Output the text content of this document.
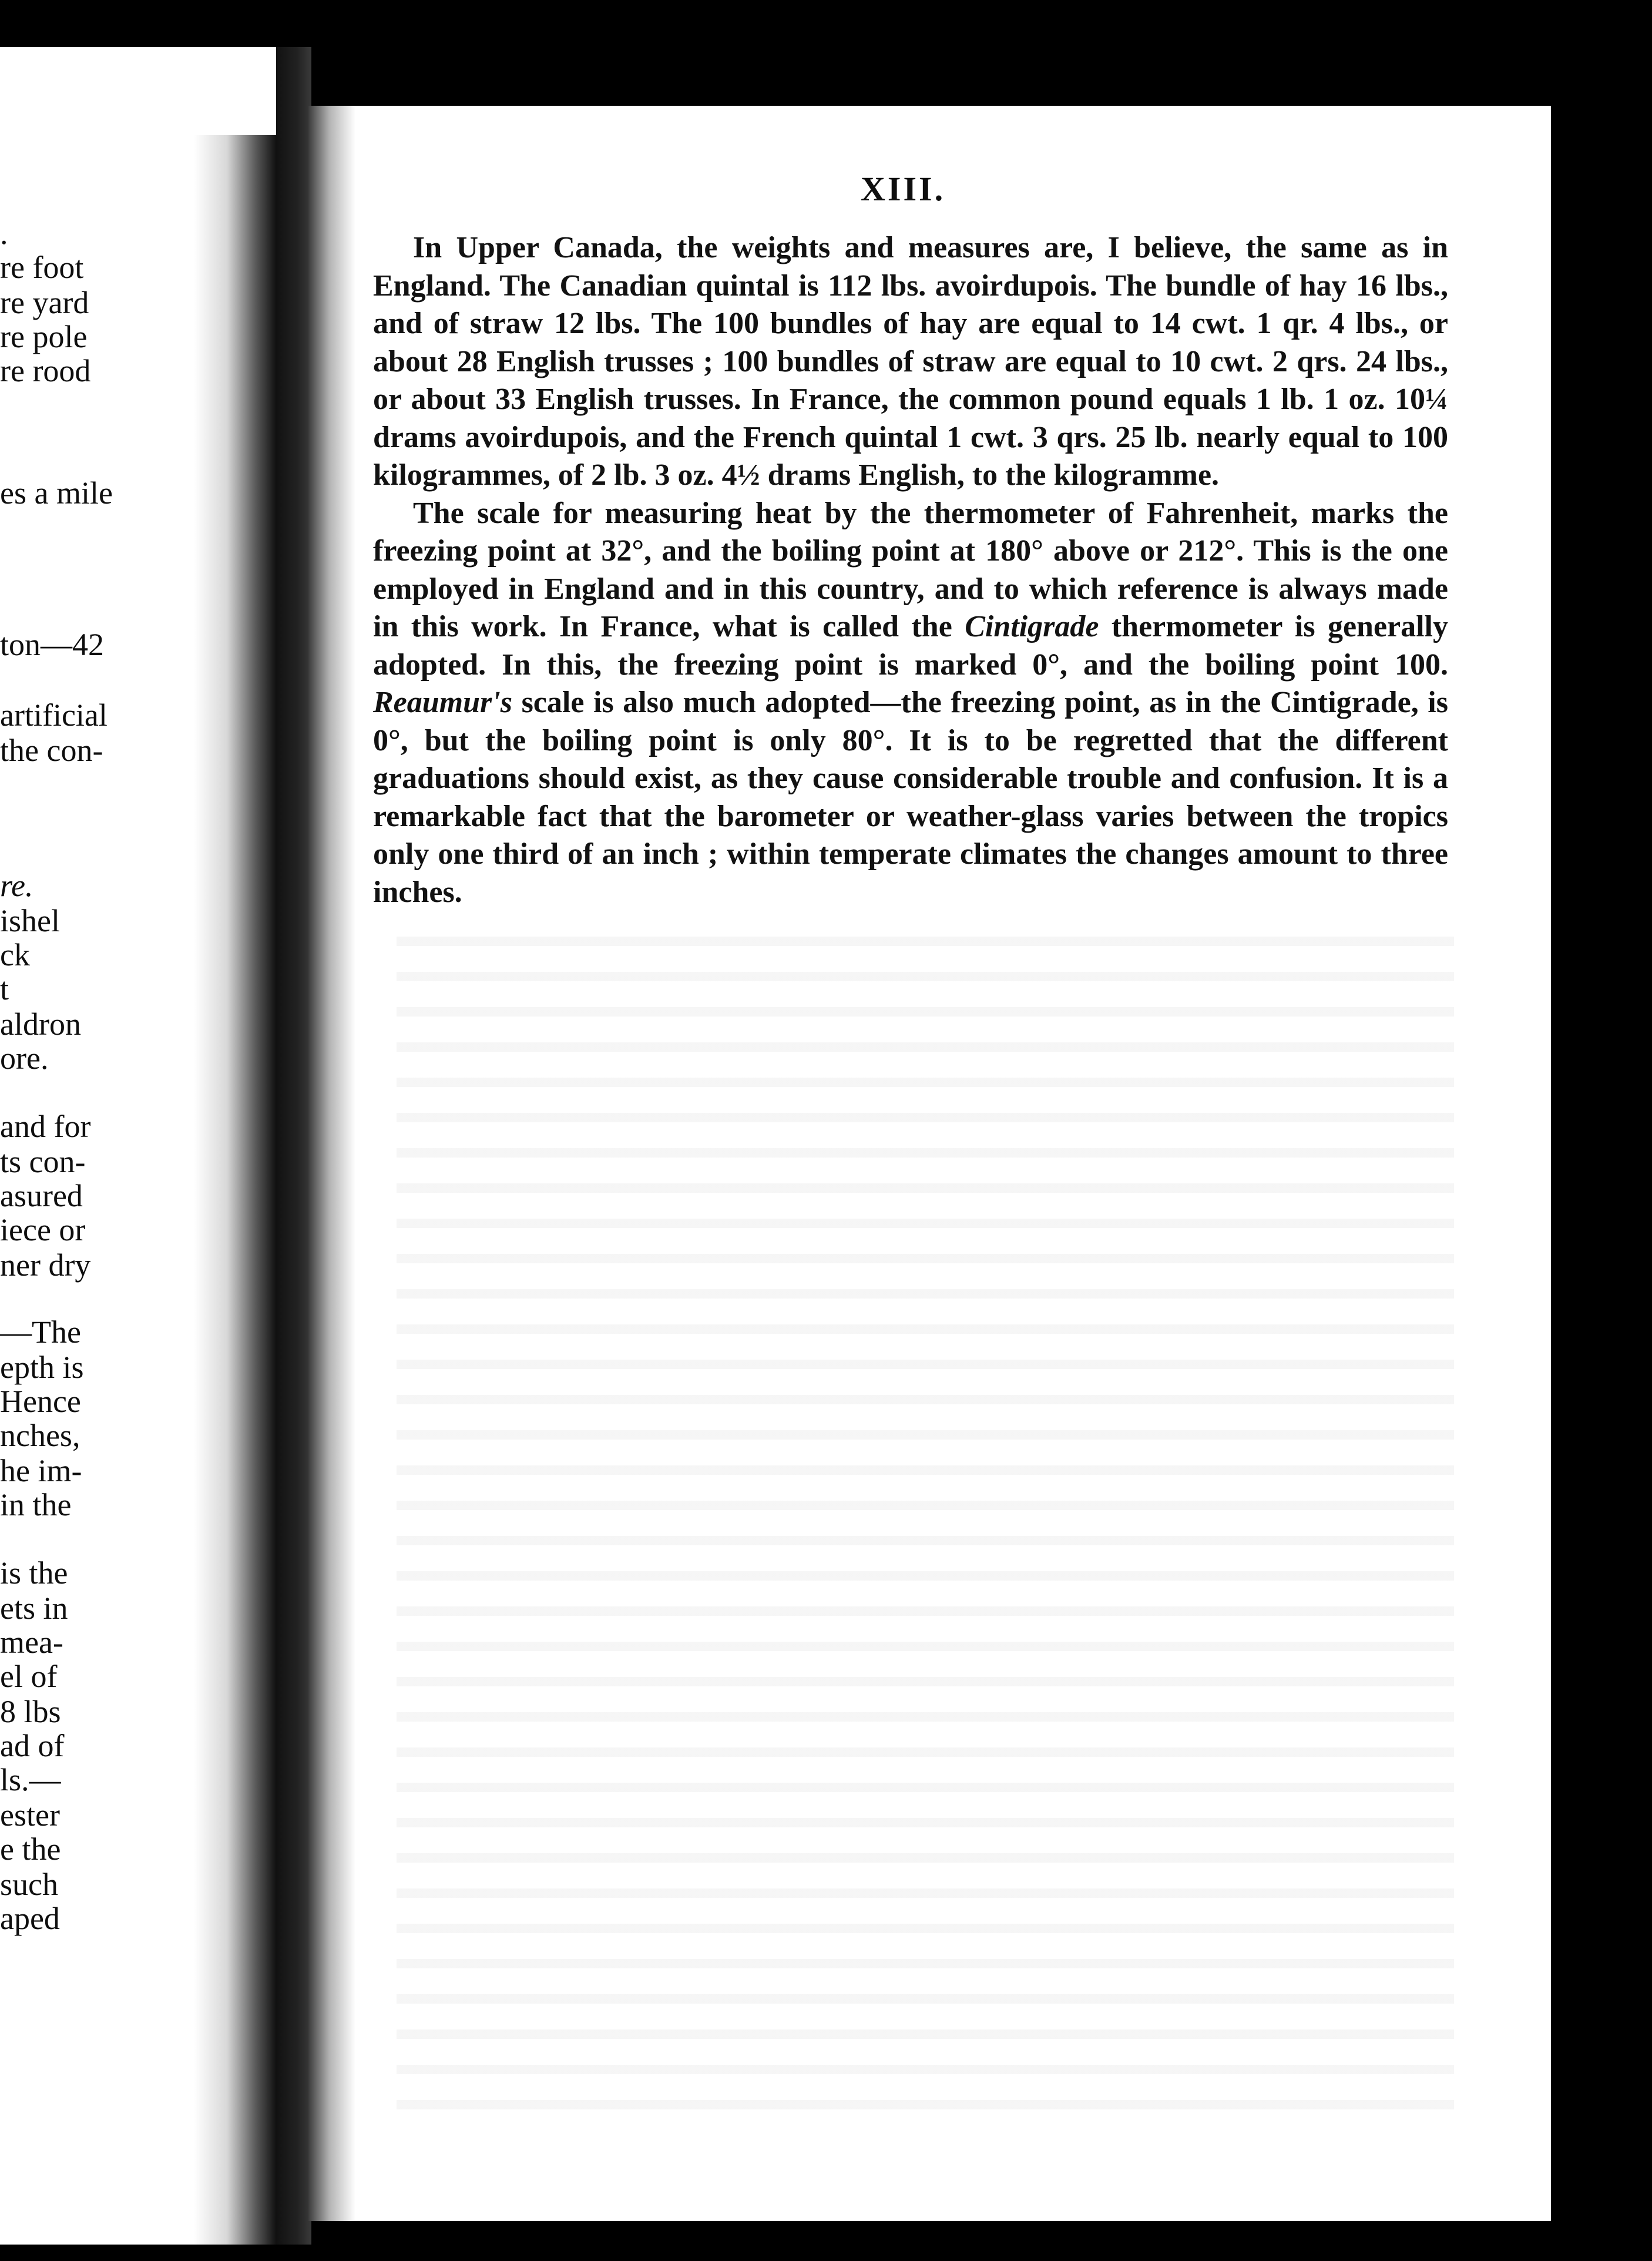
.
re foot
re yard
re pole
re rood
es a mile
ton—42
artificial
the con-
re.
ishel
ck
t
aldron
ore.
and for
ts con-
asured
iece or
ner dry
—The
epth is
Hence
nches,
he im-
in the
is the
ets in
mea-
el of
8 lbs
ad of
ls.—
ester
e the
such
aped
XIII.

In Upper Canada, the weights and measures are, I believe, the same as in England. The Canadian quintal is 112 lbs. avoirdupois. The bundle of hay 16 lbs., and of straw 12 lbs. The 100 bundles of hay are equal to 14 cwt. 1 qr. 4 lbs., or about 28 English trusses ; 100 bundles of straw are equal to 10 cwt. 2 qrs. 24 lbs., or about 33 English trusses. In France, the common pound equals 1 lb. 1 oz. 10¼ drams avoirdupois, and the French quintal 1 cwt. 3 qrs. 25 lb. nearly equal to 100 kilogrammes, of 2 lb. 3 oz. 4½ drams English, to the kilogramme.

The scale for measuring heat by the thermometer of Fahrenheit, marks the freezing point at 32°, and the boiling point at 180° above or 212°. This is the one employed in England and in this country, and to which reference is always made in this work. In France, what is called the Cintigrade thermometer is generally adopted. In this, the freezing point is marked 0°, and the boiling point 100. Reaumur's scale is also much adopted—the freezing point, as in the Cintigrade, is 0°, but the boiling point is only 80°. It is to be regretted that the different graduations should exist, as they cause considerable trouble and confusion. It is a remarkable fact that the barometer or weather-glass varies between the tropics only one third of an inch ; within temperate climates the changes amount to three inches.
